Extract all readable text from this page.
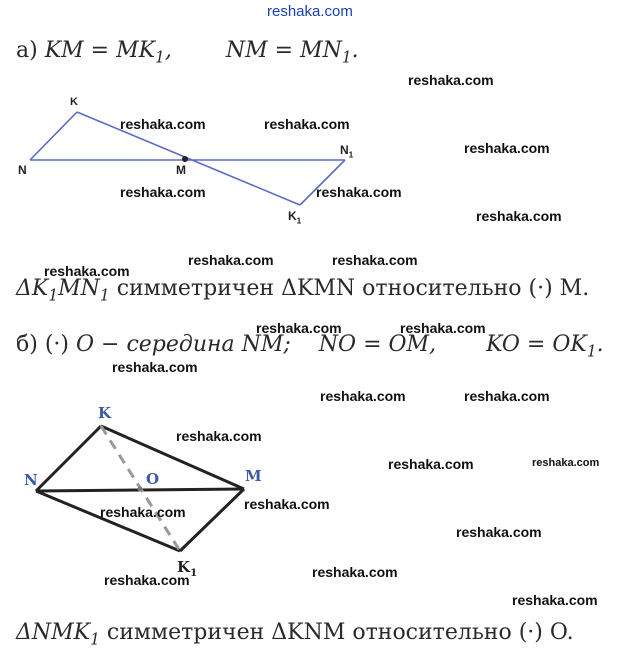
reshaka.com
а) KM = $MK_1$,  NM = $MN_1$.
K
N	M
$N_1$
$K_1$
$\Delta K_1MN_1$ симметричен ΔKMN относительно (·) M.
б) (·) O − середина NM; NO = OM, KO = $OK_1$.
K
N	O	M
$K_1$
$\Delta NMK_1$ симметричен ΔKNM относительно (·) O.
reshaka.com
reshaka.com	reshaka.com
reshaka.com
reshaka.com	reshaka.com
reshaka.com
reshaka.com	reshaka.com
reshaka.com
reshaka.com	reshaka.com
reshaka.com
reshaka.com	reshaka.com
reshaka.com
reshaka.com	reshaka.com
reshaka.com
reshaka.com
reshaka.com
reshaka.com
reshaka.com
reshaka.com
